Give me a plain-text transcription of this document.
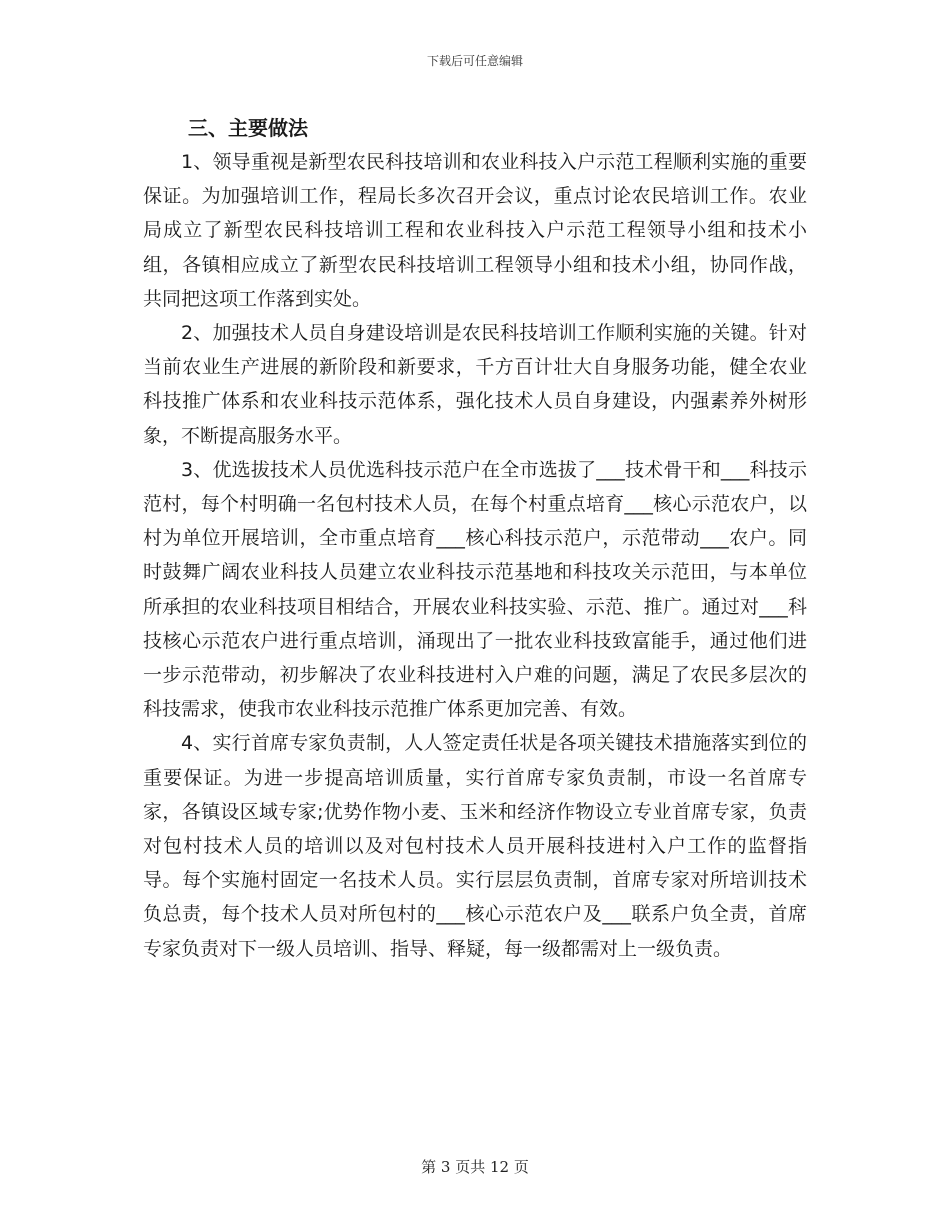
下载后可任意编辑
三、主要做法

1、领导重视是新型农民科技培训和农业科技入户示范工程顺利实施的重要保证。为加强培训工作，程局长多次召开会议，重点讨论农民培训工作。农业局成立了新型农民科技培训工程和农业科技入户示范工程领导小组和技术小组，各镇相应成立了新型农民科技培训工程领导小组和技术小组，协同作战，共同把这项工作落到实处。

2、加强技术人员自身建设培训是农民科技培训工作顺利实施的关键。针对当前农业生产进展的新阶段和新要求，千方百计壮大自身服务功能，健全农业科技推广体系和农业科技示范体系，强化技术人员自身建设，内强素养外树形象，不断提高服务水平。

3、优选拔技术人员优选科技示范户在全市选拔了___技术骨干和___科技示范村，每个村明确一名包村技术人员，在每个村重点培育___核心示范农户，以村为单位开展培训，全市重点培育___核心科技示范户，示范带动___农户。同时鼓舞广阔农业科技人员建立农业科技示范基地和科技攻关示范田，与本单位所承担的农业科技项目相结合，开展农业科技实验、示范、推广。通过对___科技核心示范农户进行重点培训，涌现出了一批农业科技致富能手，通过他们进一步示范带动，初步解决了农业科技进村入户难的问题，满足了农民多层次的科技需求，使我市农业科技示范推广体系更加完善、有效。

4、实行首席专家负责制，人人签定责任状是各项关键技术措施落实到位的重要保证。为进一步提高培训质量，实行首席专家负责制，市设一名首席专家，各镇设区域专家;优势作物小麦、玉米和经济作物设立专业首席专家，负责对包村技术人员的培训以及对包村技术人员开展科技进村入户工作的监督指导。每个实施村固定一名技术人员。实行层层负责制，首席专家对所培训技术负总责，每个技术人员对所包村的___核心示范农户及___联系户负全责，首席专家负责对下一级人员培训、指导、释疑，每一级都需对上一级负责。

第 3 页共 12 页
